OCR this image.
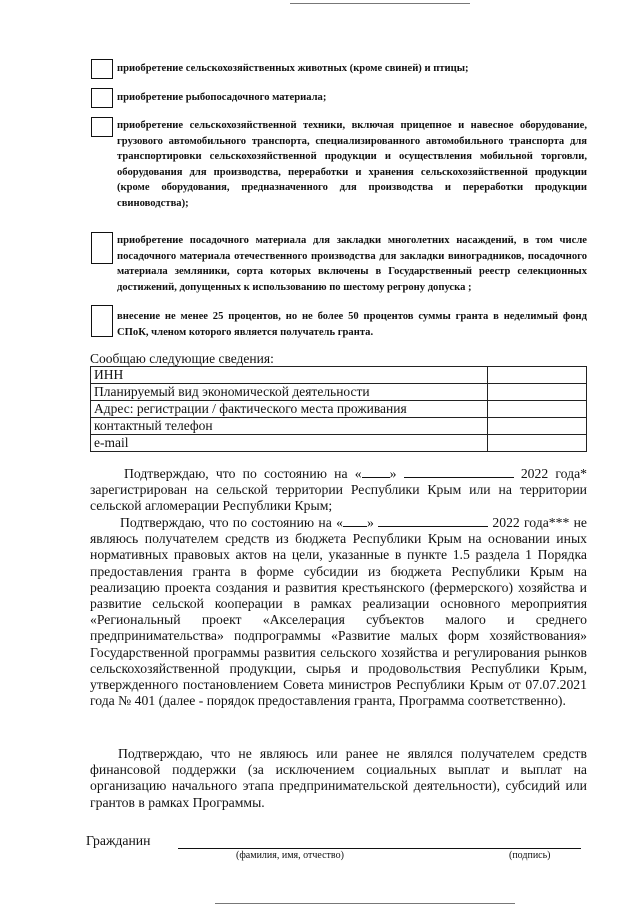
приобретение сельскохозяйственных животных (кроме свиней) и птицы;
приобретение рыбопосадочного материала;
приобретение сельскохозяйственной техники, включая прицепное и навесное оборудование, грузового автомобильного транспорта, специализированного автомобильного транспорта для транспортировки сельскохозяйственной продукции и осуществления мобильной торговли, оборудования для производства, переработки и хранения сельскохозяйственной продукции (кроме оборудования, предназначенного для производства и переработки продукции свиноводства);
приобретение посадочного материала для закладки многолетних насаждений, в том числе посадочного материала отечественного производства для закладки виноградников, посадочного материала земляники, сорта которых включены в Государственный реестр селекционных достижений, допущенных к использованию по шестому регрону допуска ;
внесение не менее 25 процентов, но не более 50 процентов суммы гранта в неделимый фонд СПоК, членом которого является получатель гранта.
Сообщаю следующие сведения:
ИНН	
Планируемый вид экономической деятельности	
Адрес: регистрации / фактического места проживания	
контактный телефон	
e-mail	
Подтверждаю, что по состоянию на « »	2022 года* зарегистрирован на сельской территории Республики Крым или на территории сельской агломерации Республики Крым;
Подтверждаю, что по состоянию на « »	2022 года*** не являюсь получателем средств из бюджета Республики Крым на основании иных нормативных правовых актов на цели, указанные в пункте 1.5 раздела 1 Порядка предоставления гранта в форме субсидии из бюджета Республики Крым на реализацию проекта создания и развития крестьянского (фермерского) хозяйства и развитие сельской кооперации в рамках реализации основного мероприятия «Региональный проект «Акселерация субъектов малого и среднего предпринимательства» подпрограммы «Развитие малых форм хозяйствования» Государственной программы развития сельского хозяйства и регулирования рынков сельскохозяйственной продукции, сырья и продовольствия Республики Крым, утвержденного постановлением Совета министров Республики Крым от 07.07.2021 года № 401 (далее - порядок предоставления гранта, Программа соответственно).
Подтверждаю, что не являюсь или ранее не являлся получателем средств финансовой поддержки (за исключением социальных выплат и выплат на организацию начального этапа предпринимательской деятельности), субсидий или грантов в рамках Программы.
Гражданин
(фамилия, имя, отчество)	(подпись)
